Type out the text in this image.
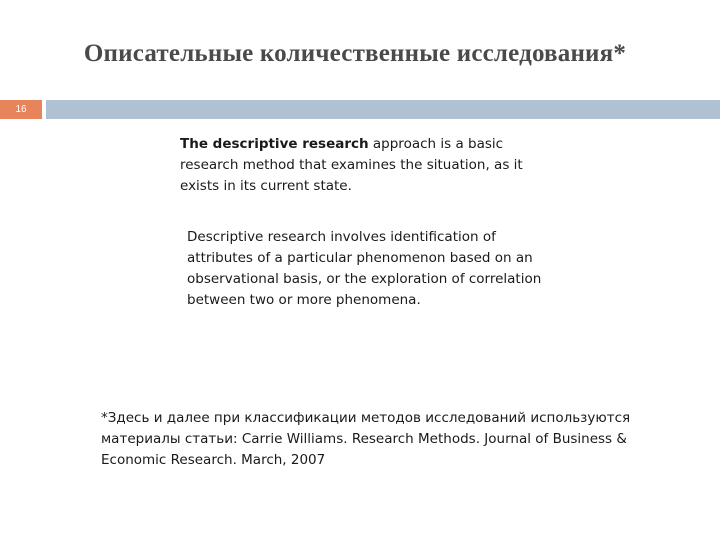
Описательные количественные исследования*
16
The descriptive research approach is a basic research method that examines the situation, as it exists in its current state.
Descriptive research involves identification of attributes of a particular phenomenon based on an observational basis, or the exploration of correlation between two or more phenomena.
*Здесь и далее при классификации методов исследований используются материалы статьи: Carrie Williams. Research Methods. Journal of Business & Economic Research. March, 2007
